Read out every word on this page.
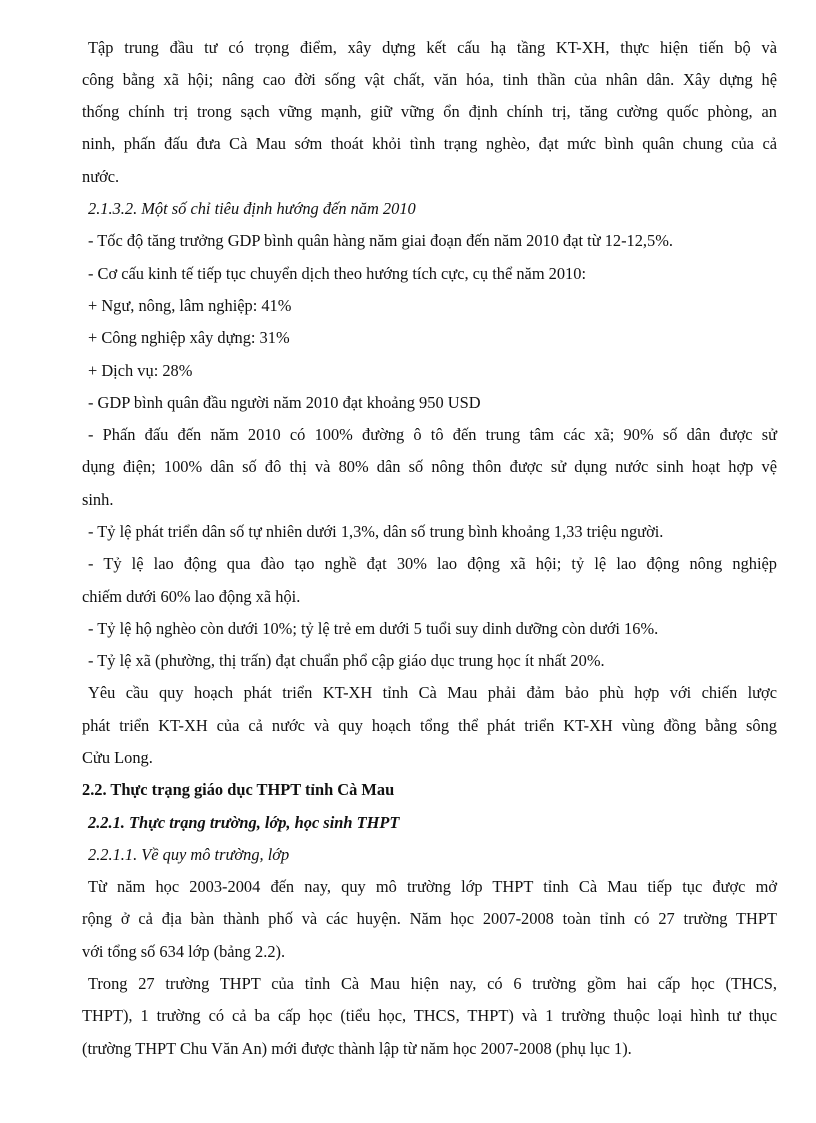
Tập trung đầu tư có trọng điểm, xây dựng kết cấu hạ tầng KT-XH, thực hiện tiến bộ và
công bằng xã hội; nâng cao đời sống vật chất, văn hóa, tinh thần của nhân dân. Xây dựng hệ
thống chính trị trong sạch vững mạnh, giữ vững ổn định chính trị, tăng cường quốc phòng, an
ninh, phấn đấu đưa Cà Mau sớm thoát khỏi tình trạng nghèo, đạt mức bình quân chung của cả
nước.
2.1.3.2. Một số chỉ tiêu định hướng đến năm 2010
- Tốc độ tăng trưởng GDP bình quân hàng năm giai đoạn đến năm 2010 đạt từ 12-12,5%.
- Cơ cấu kinh tế tiếp tục chuyển dịch theo hướng tích cực, cụ thể năm 2010:
+ Ngư, nông, lâm nghiệp: 41%
+ Công nghiệp xây dựng: 31%
+ Dịch vụ: 28%
- GDP bình quân đầu người năm 2010 đạt khoảng 950 USD
- Phấn đấu đến năm 2010 có 100% đường ô tô đến trung tâm các xã; 90% số dân được sử
dụng điện; 100% dân số đô thị và 80% dân số nông thôn được sử dụng nước sinh hoạt hợp vệ
sinh.
- Tỷ lệ phát triển dân số tự nhiên dưới 1,3%, dân số trung bình khoảng 1,33 triệu người.
- Tỷ lệ lao động qua đào tạo nghề đạt 30% lao động xã hội; tỷ lệ lao động nông nghiệp
chiếm dưới 60% lao động xã hội.
- Tỷ lệ hộ nghèo còn dưới 10%; tỷ lệ trẻ em dưới 5 tuổi suy dinh dưỡng còn dưới 16%.
- Tỷ lệ xã (phường, thị trấn) đạt chuẩn phổ cập giáo dục trung học ít nhất 20%.
Yêu cầu quy hoạch phát triển KT-XH tỉnh Cà Mau phải đảm bảo phù hợp với chiến lược
phát triển KT-XH của cả nước và quy hoạch tổng thể phát triển KT-XH vùng đồng bằng sông
Cửu Long.
2.2. Thực trạng giáo dục THPT tỉnh Cà Mau
2.2.1. Thực trạng trường, lớp, học sinh THPT
2.2.1.1. Về quy mô trường, lớp
Từ năm học 2003-2004 đến nay, quy mô trường lớp THPT tỉnh Cà Mau tiếp tục được mở
rộng ở cả địa bàn thành phố và các huyện. Năm học 2007-2008 toàn tỉnh có 27 trường THPT
với tổng số 634 lớp (bảng 2.2).
Trong 27 trường THPT của tỉnh Cà Mau hiện nay, có 6 trường gồm hai cấp học (THCS,
THPT), 1 trường có cả ba cấp học (tiểu học, THCS, THPT) và 1 trường thuộc loại hình tư thục
(trường THPT Chu Văn An) mới được thành lập từ năm học 2007-2008 (phụ lục 1).
